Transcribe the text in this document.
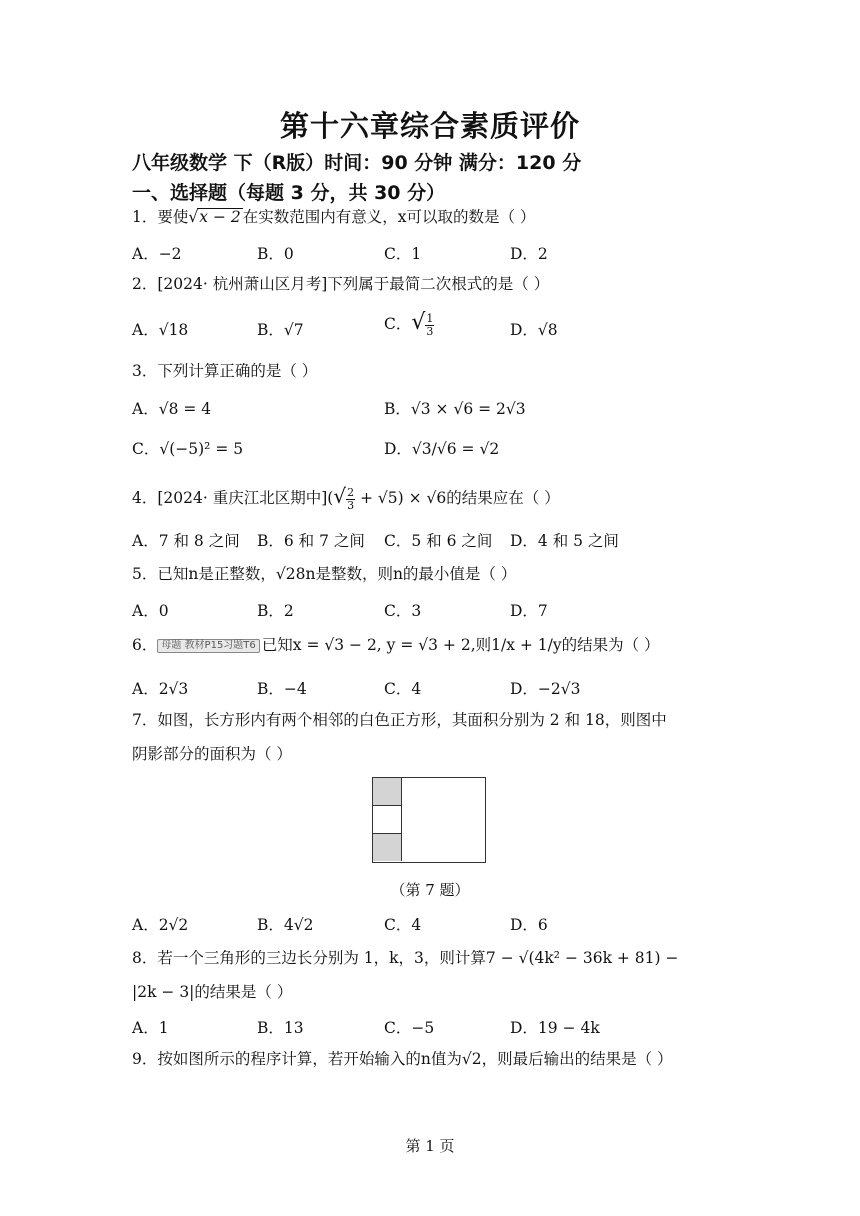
第十六章综合素质评价
八年级数学 下（R版）时间：90 分钟 满分：120 分
一、选择题（每题 3 分，共 30 分）
1．要使√x − 2 在实数范围内有意义，x可以取的数是（ ）
A．−2	B．0	C．1	D．2
2．[2024· 杭州萧山区月考]下列属于最简二次根式的是（ ）
A．√18	B．√7	C．√ $\frac{1}{3}$	D．√8
3．下列计算正确的是（ ）
A．√8 = 4	B．√3 × √6 = 2√3
C．√(−5)² = 5	D．√3/√6 = √2
4．[2024· 重庆江北区期中](√ $\frac{2}{3} + √5) \times √6$的结果应在（ ）
A．7 和 8 之间 B．6 和 7 之间 C．5 和 6 之间 D．4 和 5 之间
5．已知n是正整数，√28n是整数，则n的最小值是（ ）
A．0	B．2	C．3	D．7
6． 母题 教材P15习题T6 已知x = √3 − 2, y = √3 + 2,则1/x + 1/y的结果为（ ）
A．2√3	B．−4	C．4	D．−2√3
7．如图，长方形内有两个相邻的白色正方形，其面积分别为 2 和 18，则图中
阴影部分的面积为（ ）
（第 7 题）
A．2√2	B．4√2	C．4	D．6
8．若一个三角形的三边长分别为 1，k，3，则计算7 − √(4k² − 36k + 81) −
|2k − 3|的结果是（ ）
A．1	B．13	C．−5	D．19 − 4k
9．按如图所示的程序计算，若开始输入的n值为√2，则最后输出的结果是（ ）
第 1 页
